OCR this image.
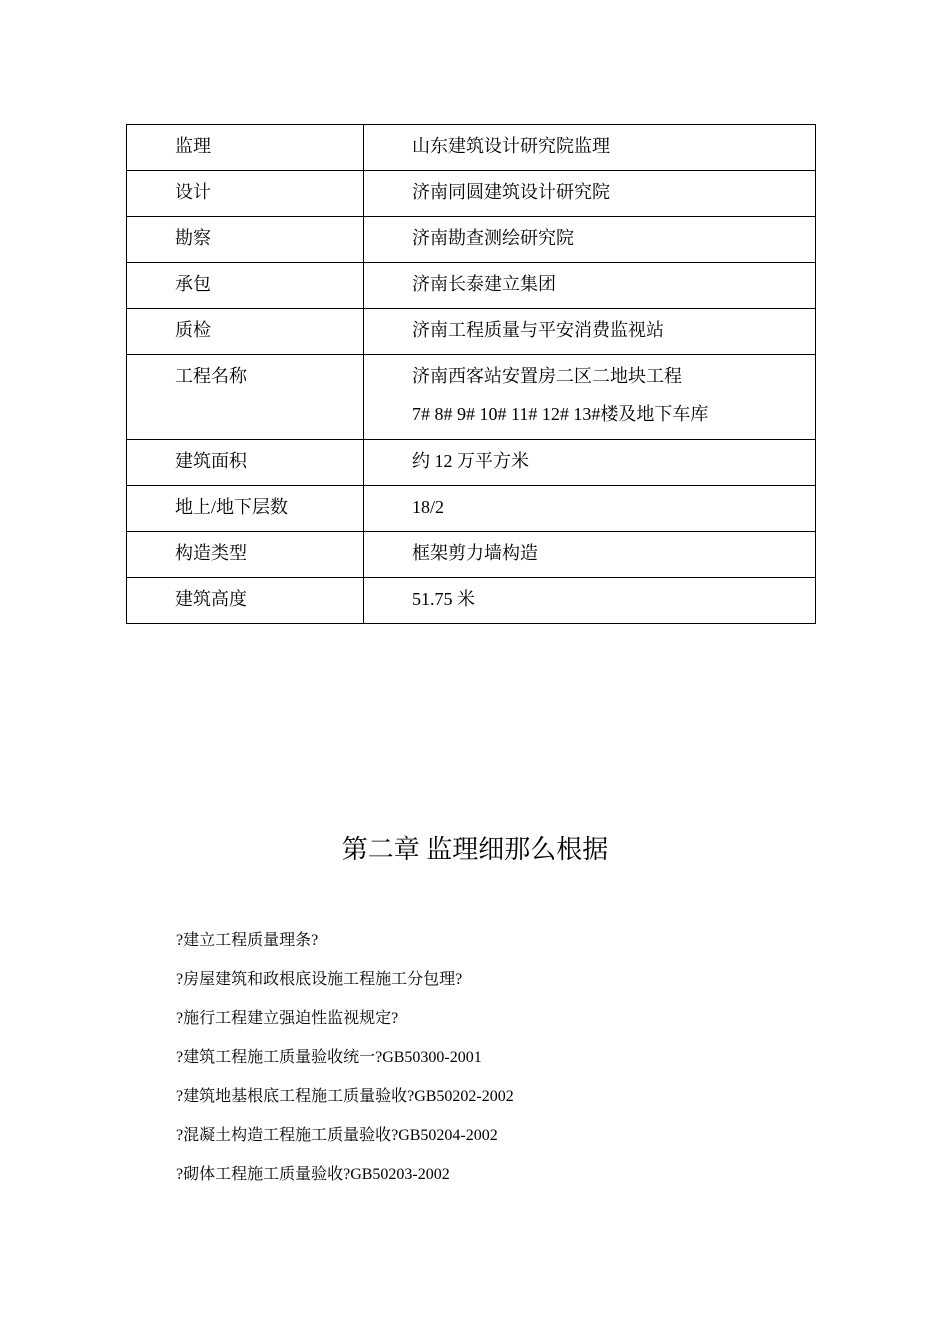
监理	山东建筑设计研究院监理

设计	济南同圆建筑设计研究院

勘察	济南勘查测绘研究院

承包	济南长泰建立集团

质检	济南工程质量与平安消费监视站

工程名称	济南西客站安置房二区二地块工程
7# 8# 9# 10# 11# 12# 13#楼及地下车库

建筑面积	约 12 万平方米

地上/地下层数	18/2

构造类型	框架剪力墙构造

建筑高度	51.75 米
第二章 监理细那么根据
?建立工程质量理条?
?房屋建筑和政根底设施工程施工分包理?
?施行工程建立强迫性监视规定?
?建筑工程施工质量验收统一?GB50300-2001
?建筑地基根底工程施工质量验收?GB50202-2002
?混凝土构造工程施工质量验收?GB50204-2002
?砌体工程施工质量验收?GB50203-2002
